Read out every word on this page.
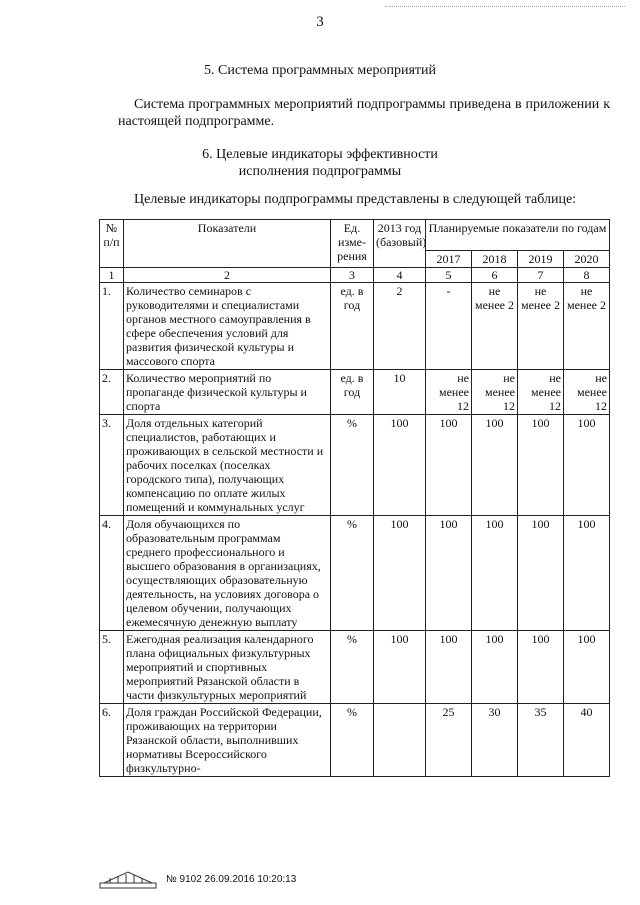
3
5. Система программных мероприятий
Система программных мероприятий подпрограммы приведена в приложении к настоящей подпрограмме.
6. Целевые индикаторы эффективности
исполнения подпрограммы
Целевые индикаторы подпрограммы представлены в следующей таблице:
№ п/п	Показатели	Ед. изме-рения	2013 год (базовый)	Планируемые показатели по годам			
				2017	2018	2019	2020
1	2	3	4	5	6	7	8
1.	Количество семинаров с руководителями и специалистами органов местного самоуправления в сфере обеспечения условий для развития физической культуры и массового спорта	ед. в год	2	-	не менее 2	не менее 2	не менее 2
2.	Количество мероприятий по пропаганде физической культуры и спорта	ед. в год	10	не менее 12	не менее 12	не менее 12	не менее 12
3.	Доля отдельных категорий специалистов, работающих и проживающих в сельской местности и рабочих поселках (поселках городского типа), получающих компенсацию по оплате жилых помещений и коммунальных услуг	%	100	100	100	100	100
4.	Доля обучающихся по образовательным программам среднего профессионального и высшего образования в организациях, осуществляющих образовательную деятельность, на условиях договора о целевом обучении, получающих ежемесячную денежную выплату	%	100	100	100	100	100
5.	Ежегодная реализация календарного плана официальных физкультурных мероприятий и спортивных мероприятий Рязанской области в части физкультурных мероприятий	%	100	100	100	100	100
6.	Доля граждан Российской Федерации, проживающих на территории Рязанской области, выполнивших нормативы Всероссийского физкультурно-	%		25	30	35	40
№ 9102 26.09.2016 10:20:13
